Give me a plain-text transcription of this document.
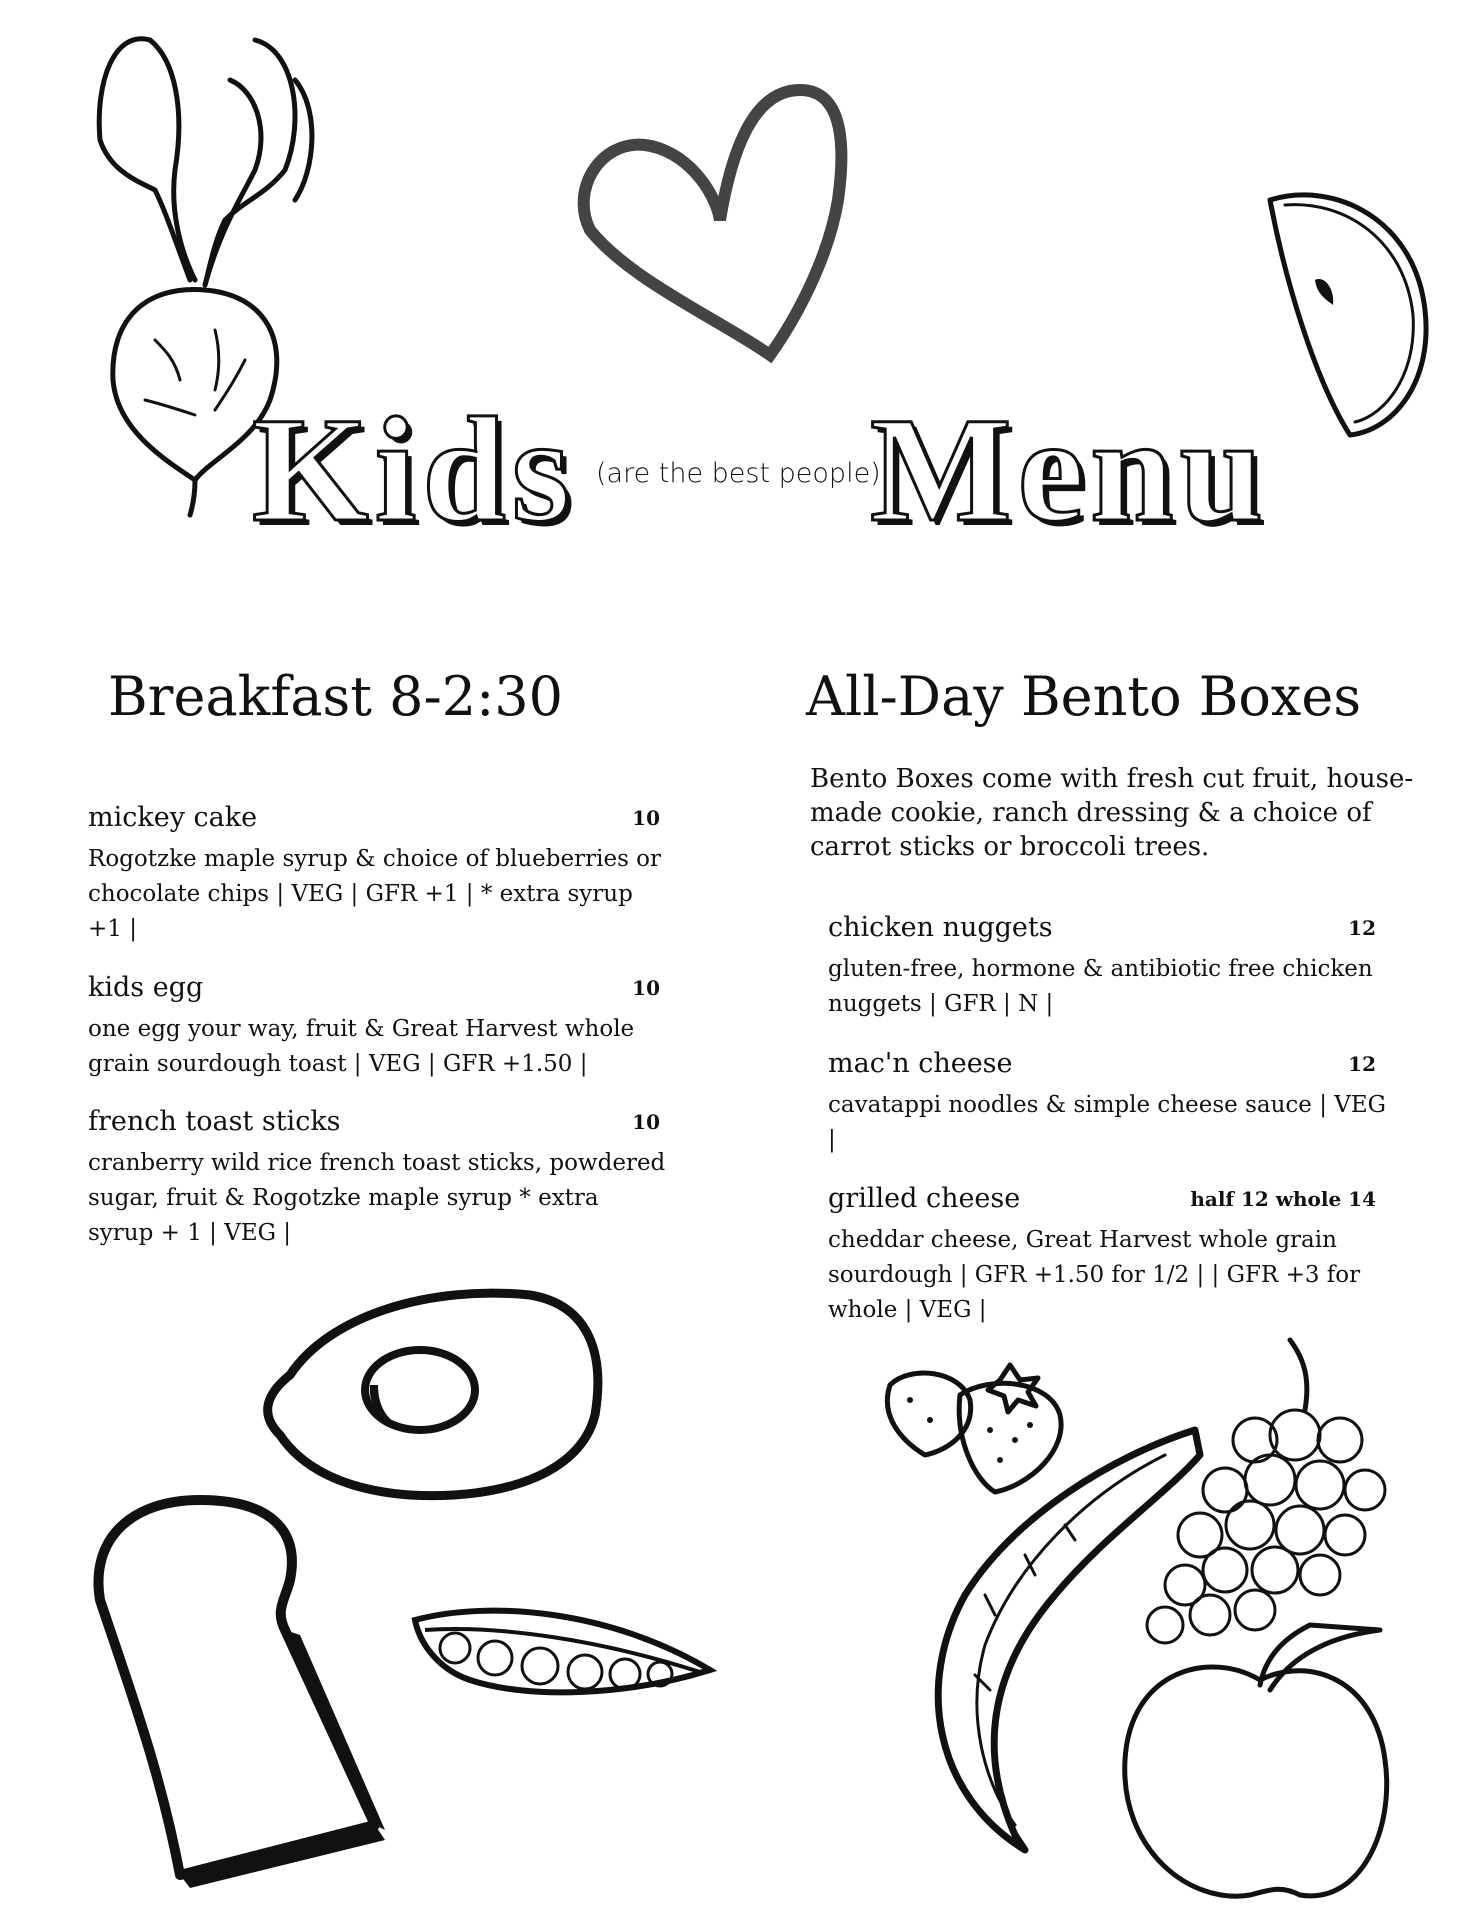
Kids (are the best people)
Menu
Breakfast 8-2:30	All-Day Bento Boxes
Bento Boxes come with fresh cut fruit, house-made cookie, ranch dressing & a choice of carrot sticks or broccoli trees.
mickey cake	10
Rogotzke maple syrup & choice of blueberries or chocolate chips | VEG | GFR +1 | * extra syrup +1 |
kids egg	10
one egg your way, fruit & Great Harvest whole grain sourdough toast | VEG | GFR +1.50 |
french toast sticks	10
cranberry wild rice french toast sticks, powdered sugar, fruit & Rogotzke maple syrup * extra syrup + 1 | VEG |
chicken nuggets	12
gluten-free, hormone & antibiotic free chicken nuggets | GFR | N |
mac'n cheese	12
cavatappi noodles & simple cheese sauce | VEG |
grilled cheese	half 12 whole 14
cheddar cheese, Great Harvest whole grain sourdough | GFR +1.50 for 1/2 | | GFR +3 for whole | VEG |
